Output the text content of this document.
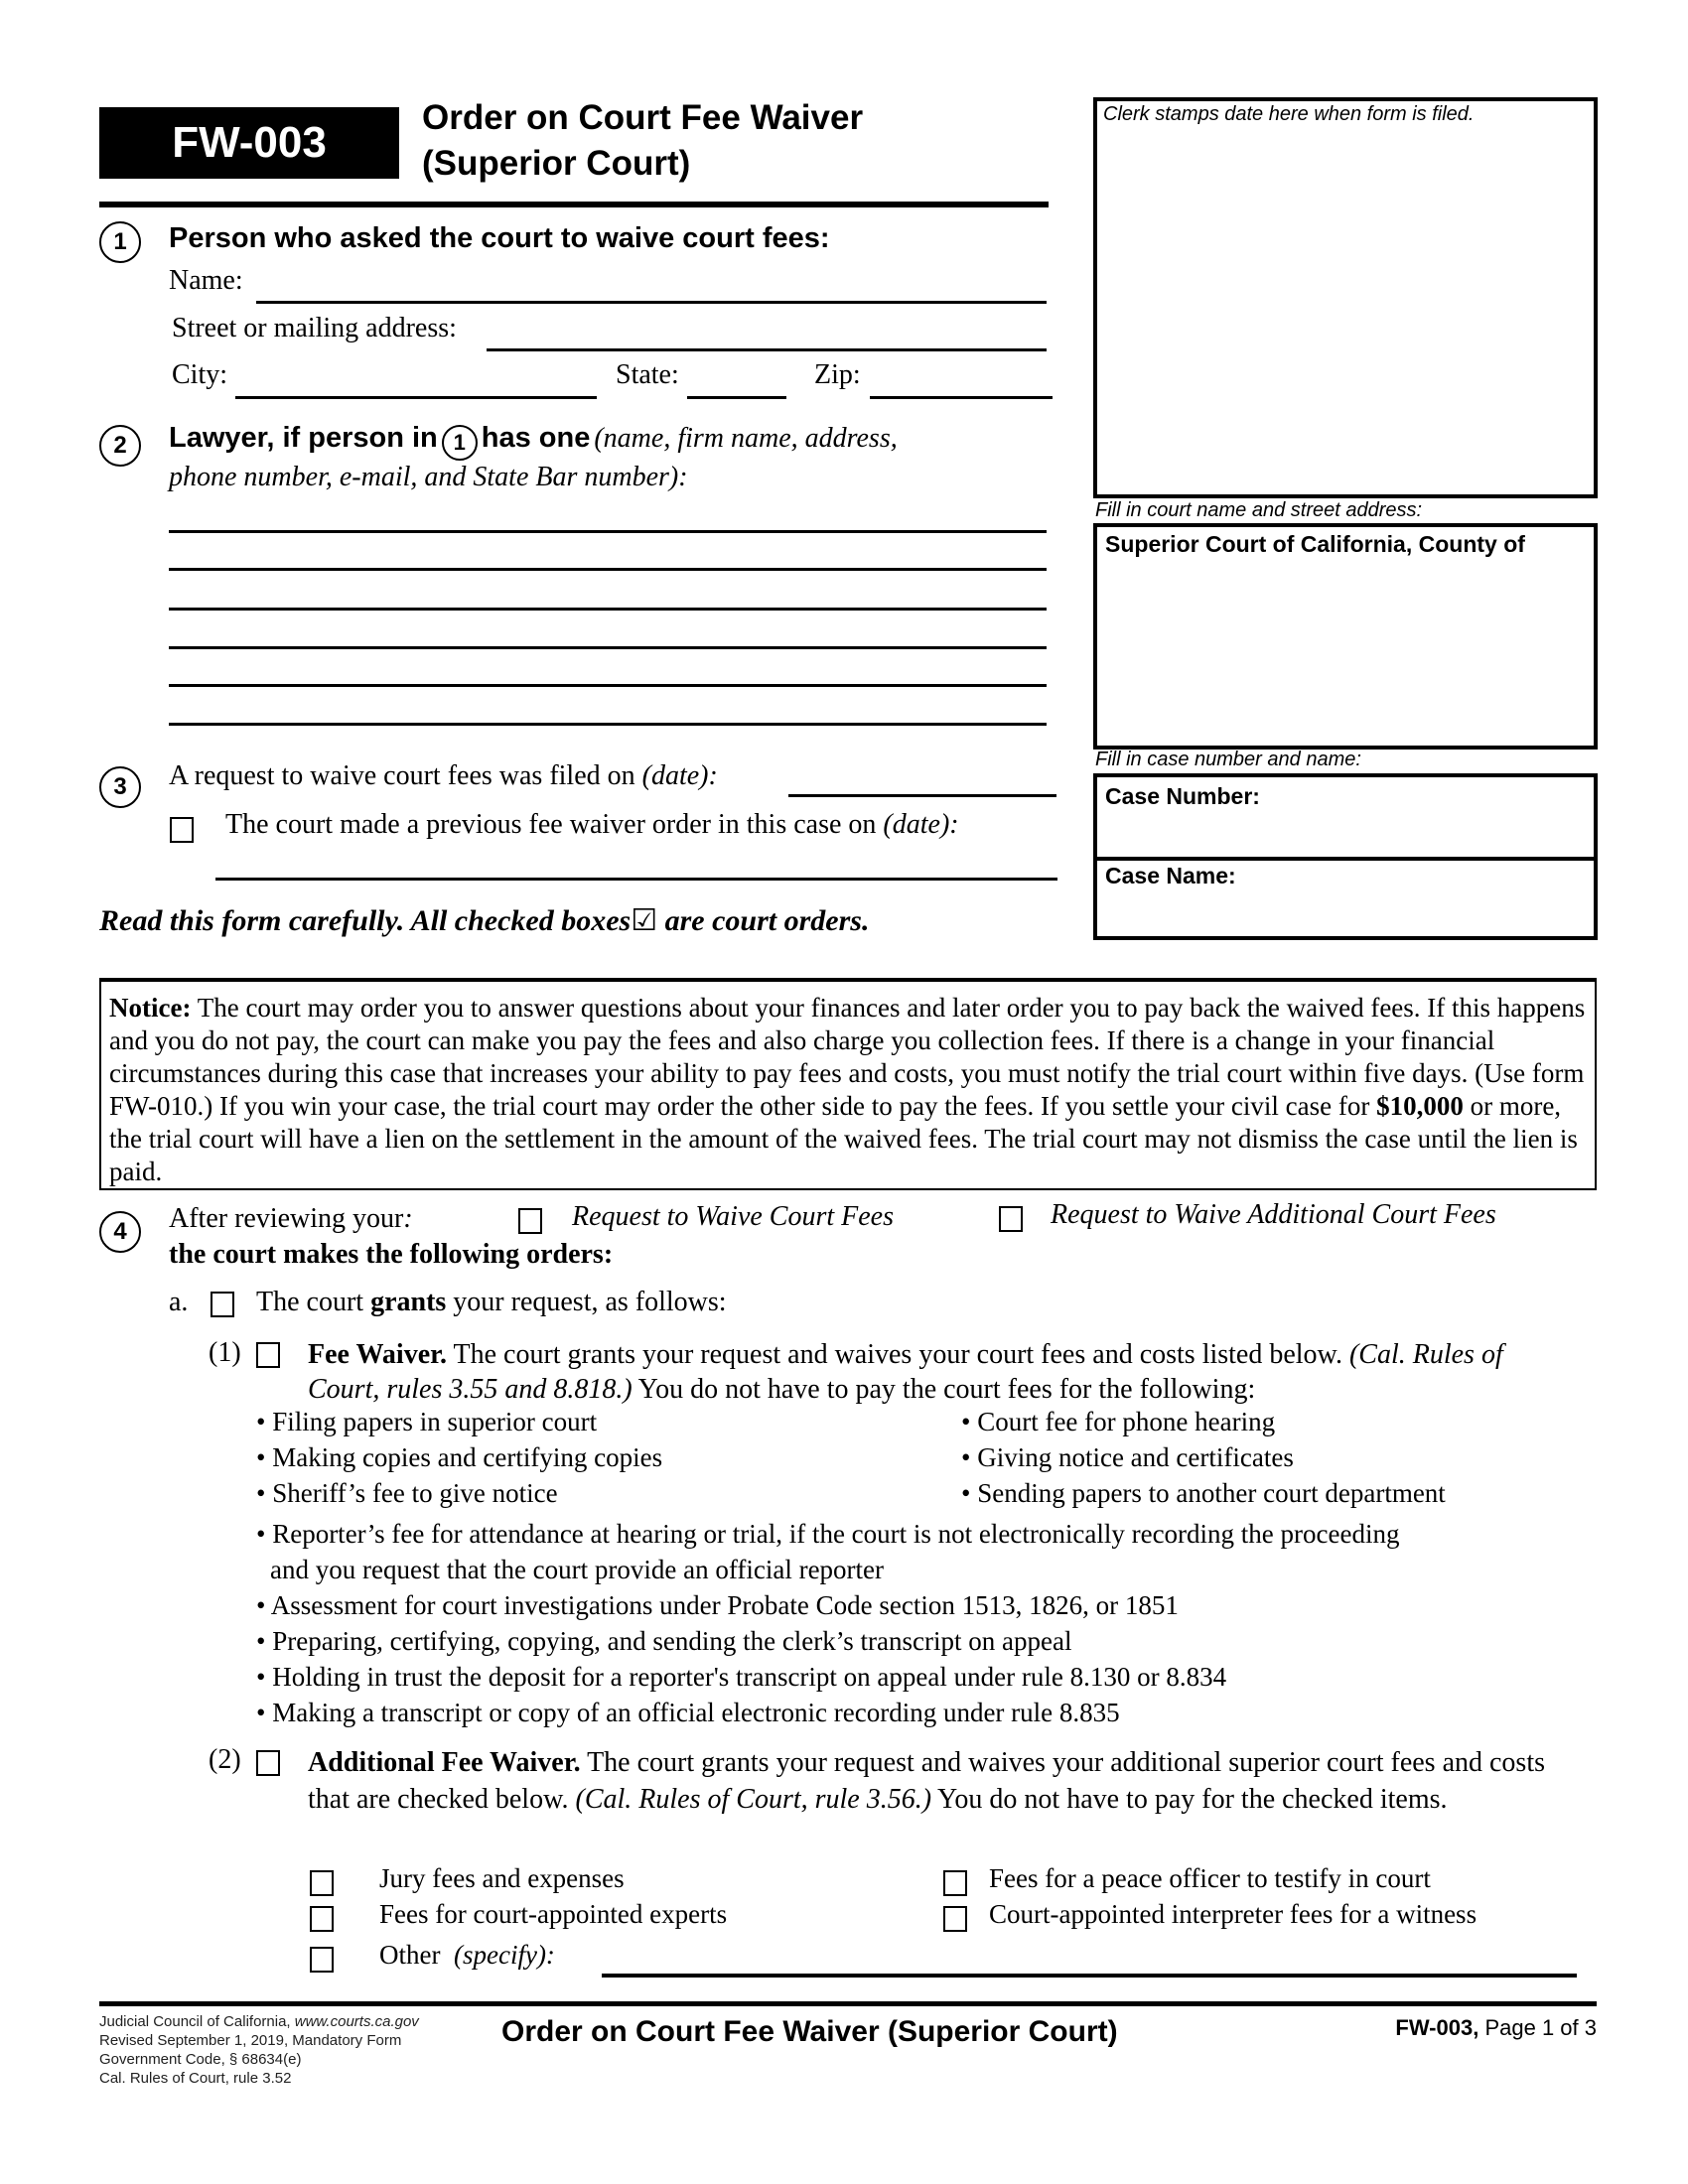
FW-003
Order on Court Fee Waiver
(Superior Court)
Clerk stamps date here when form is filed.
Fill in court name and street address:
Superior Court of California, County of
Fill in case number and name:
Case Number:
Case Name:
1	Person who asked the court to waive court fees:
Name:
Street or mailing address:
City:	State:	Zip:
2	Lawyer, if person in 1 has one (name, firm name, address,
phone number, e-mail, and State Bar number):
3	A request to waive court fees was filed on (date):
The court made a previous fee waiver order in this case on (date):
Read this form carefully. All checked boxes☑ are court orders.
Notice: The court may order you to answer questions about your finances and later order you to pay back the waived fees. If this happens and you do not pay, the court can make you pay the fees and also charge you collection fees. If there is a change in your financial circumstances during this case that increases your ability to pay fees and costs, you must notify the trial court within five days. (Use form FW-010.) If you win your case, the trial court may order the other side to pay the fees. If you settle your civil case for $10,000 or more, the trial court will have a lien on the settlement in the amount of the waived fees. The trial court may not dismiss the case until the lien is paid.
4	After reviewing your:	Request to Waive Court Fees	Request to Waive Additional Court Fees
the court makes the following orders:
a. The court grants your request, as follows:
(1) Fee Waiver. The court grants your request and waives your court fees and costs listed below. (Cal. Rules of Court, rules 3.55 and 8.818.) You do not have to pay the court fees for the following:
• Filing papers in superior court
• Making copies and certifying copies
• Sheriff’s fee to give notice
• Court fee for phone hearing
• Giving notice and certificates
• Sending papers to another court department
• Reporter’s fee for attendance at hearing or trial, if the court is not electronically recording the proceeding
and you request that the court provide an official reporter
• Assessment for court investigations under Probate Code section 1513, 1826, or 1851
• Preparing, certifying, copying, and sending the clerk’s transcript on appeal
• Holding in trust the deposit for a reporter's transcript on appeal under rule 8.130 or 8.834
• Making a transcript or copy of an official electronic recording under rule 8.835
(2) Additional Fee Waiver. The court grants your request and waives your additional superior court fees and costs that are checked below. (Cal. Rules of Court, rule 3.56.) You do not have to pay for the checked items.
Jury fees and expenses
Fees for court-appointed experts
Fees for a peace officer to testify in court
Court-appointed interpreter fees for a witness
Other (specify):
Judicial Council of California, www.courts.ca.gov
Revised September 1, 2019, Mandatory Form
Government Code, § 68634(e)
Cal. Rules of Court, rule 3.52
Order on Court Fee Waiver (Superior Court)	FW-003, Page 1 of 3
